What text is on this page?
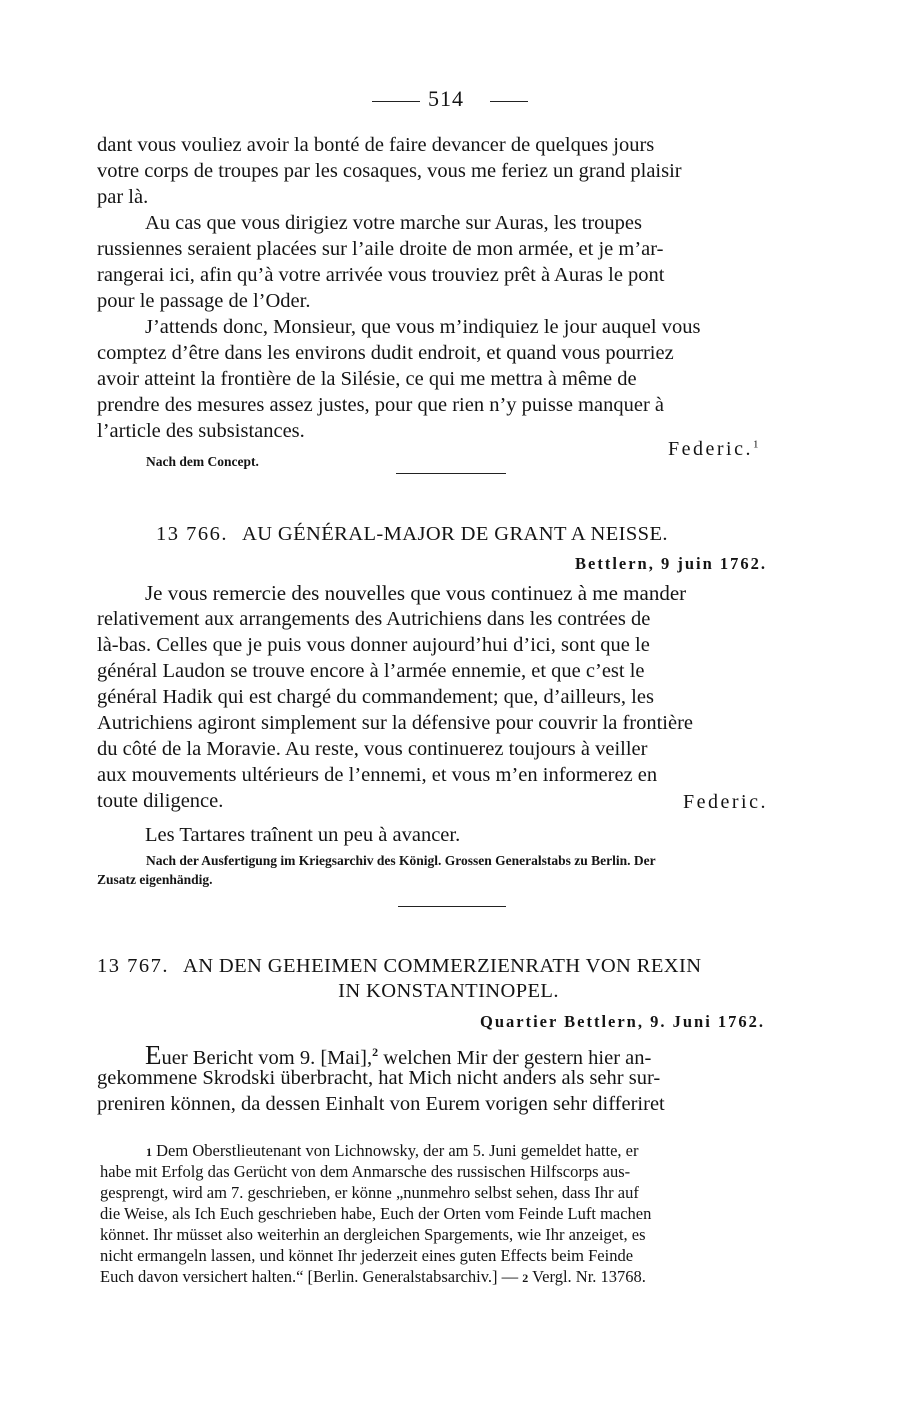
514

dant vous vouliez avoir la bonté de faire devancer de quelques jours

votre corps de troupes par les cosaques, vous me feriez un grand plaisir

par là.

Au cas que vous dirigiez votre marche sur Auras, les troupes

russiennes seraient placées sur l’aile droite de mon armée, et je m’ar-

rangerai ici, afin qu’à votre arrivée vous trouviez prêt à Auras le pont

pour le passage de l’Oder.

J’attends donc, Monsieur, que vous m’indiquiez le jour auquel vous

comptez d’être dans les environs dudit endroit, et quand vous pourriez

avoir atteint la frontière de la Silésie, ce qui me mettra à même de

prendre des mesures assez justes, pour que rien n’y puisse manquer à

l’article des subsistances.

Federic.$^1$

Nach dem Concept.

13 766. AU GÉNÉRAL-MAJOR DE GRANT A NEISSE.

Bettlern, 9 juin 1762.

Je vous remercie des nouvelles que vous continuez à me mander

relativement aux arrangements des Autrichiens dans les contrées de

là-bas. Celles que je puis vous donner aujourd’hui d’ici, sont que le

général Laudon se trouve encore à l’armée ennemie, et que c’est le

général Hadik qui est chargé du commandement; que, d’ailleurs, les

Autrichiens agiront simplement sur la défensive pour couvrir la frontière

du côté de la Moravie. Au reste, vous continuerez toujours à veiller

aux mouvements ultérieurs de l’ennemi, et vous m’en informerez en

toute diligence.	Federic.

Les Tartares traînent un peu à avancer.

Nach der Ausfertigung im Kriegsarchiv des Königl. Grossen Generalstabs zu Berlin. Der

Zusatz eigenhändig.

13 767. AN DEN GEHEIMEN COMMERZIENRATH VON REXIN

IN KONSTANTINOPEL.

Quartier Bettlern, 9. Juni 1762.

Euer Bericht vom 9. [Mai],$^2$ welchen Mir der gestern hier an-

gekommene Skrodski überbracht, hat Mich nicht anders als sehr sur-

preniren können, da dessen Einhalt von Eurem vorigen sehr differiret

1 Dem Oberstlieutenant von Lichnowsky, der am 5. Juni gemeldet hatte, er

habe mit Erfolg das Gerücht von dem Anmarsche des russischen Hilfscorps aus-

gesprengt, wird am 7. geschrieben, er könne „nunmehro selbst sehen, dass Ihr auf

die Weise, als Ich Euch geschrieben habe, Euch der Orten vom Feinde Luft machen

könnet. Ihr müsset also weiterhin an dergleichen Spargements, wie Ihr anzeiget, es

nicht ermangeln lassen, und könnet Ihr jederzeit eines guten Effects beim Feinde

Euch davon versichert halten.“ [Berlin. Generalstabsarchiv.] — 2 Vergl. Nr. 13768.
